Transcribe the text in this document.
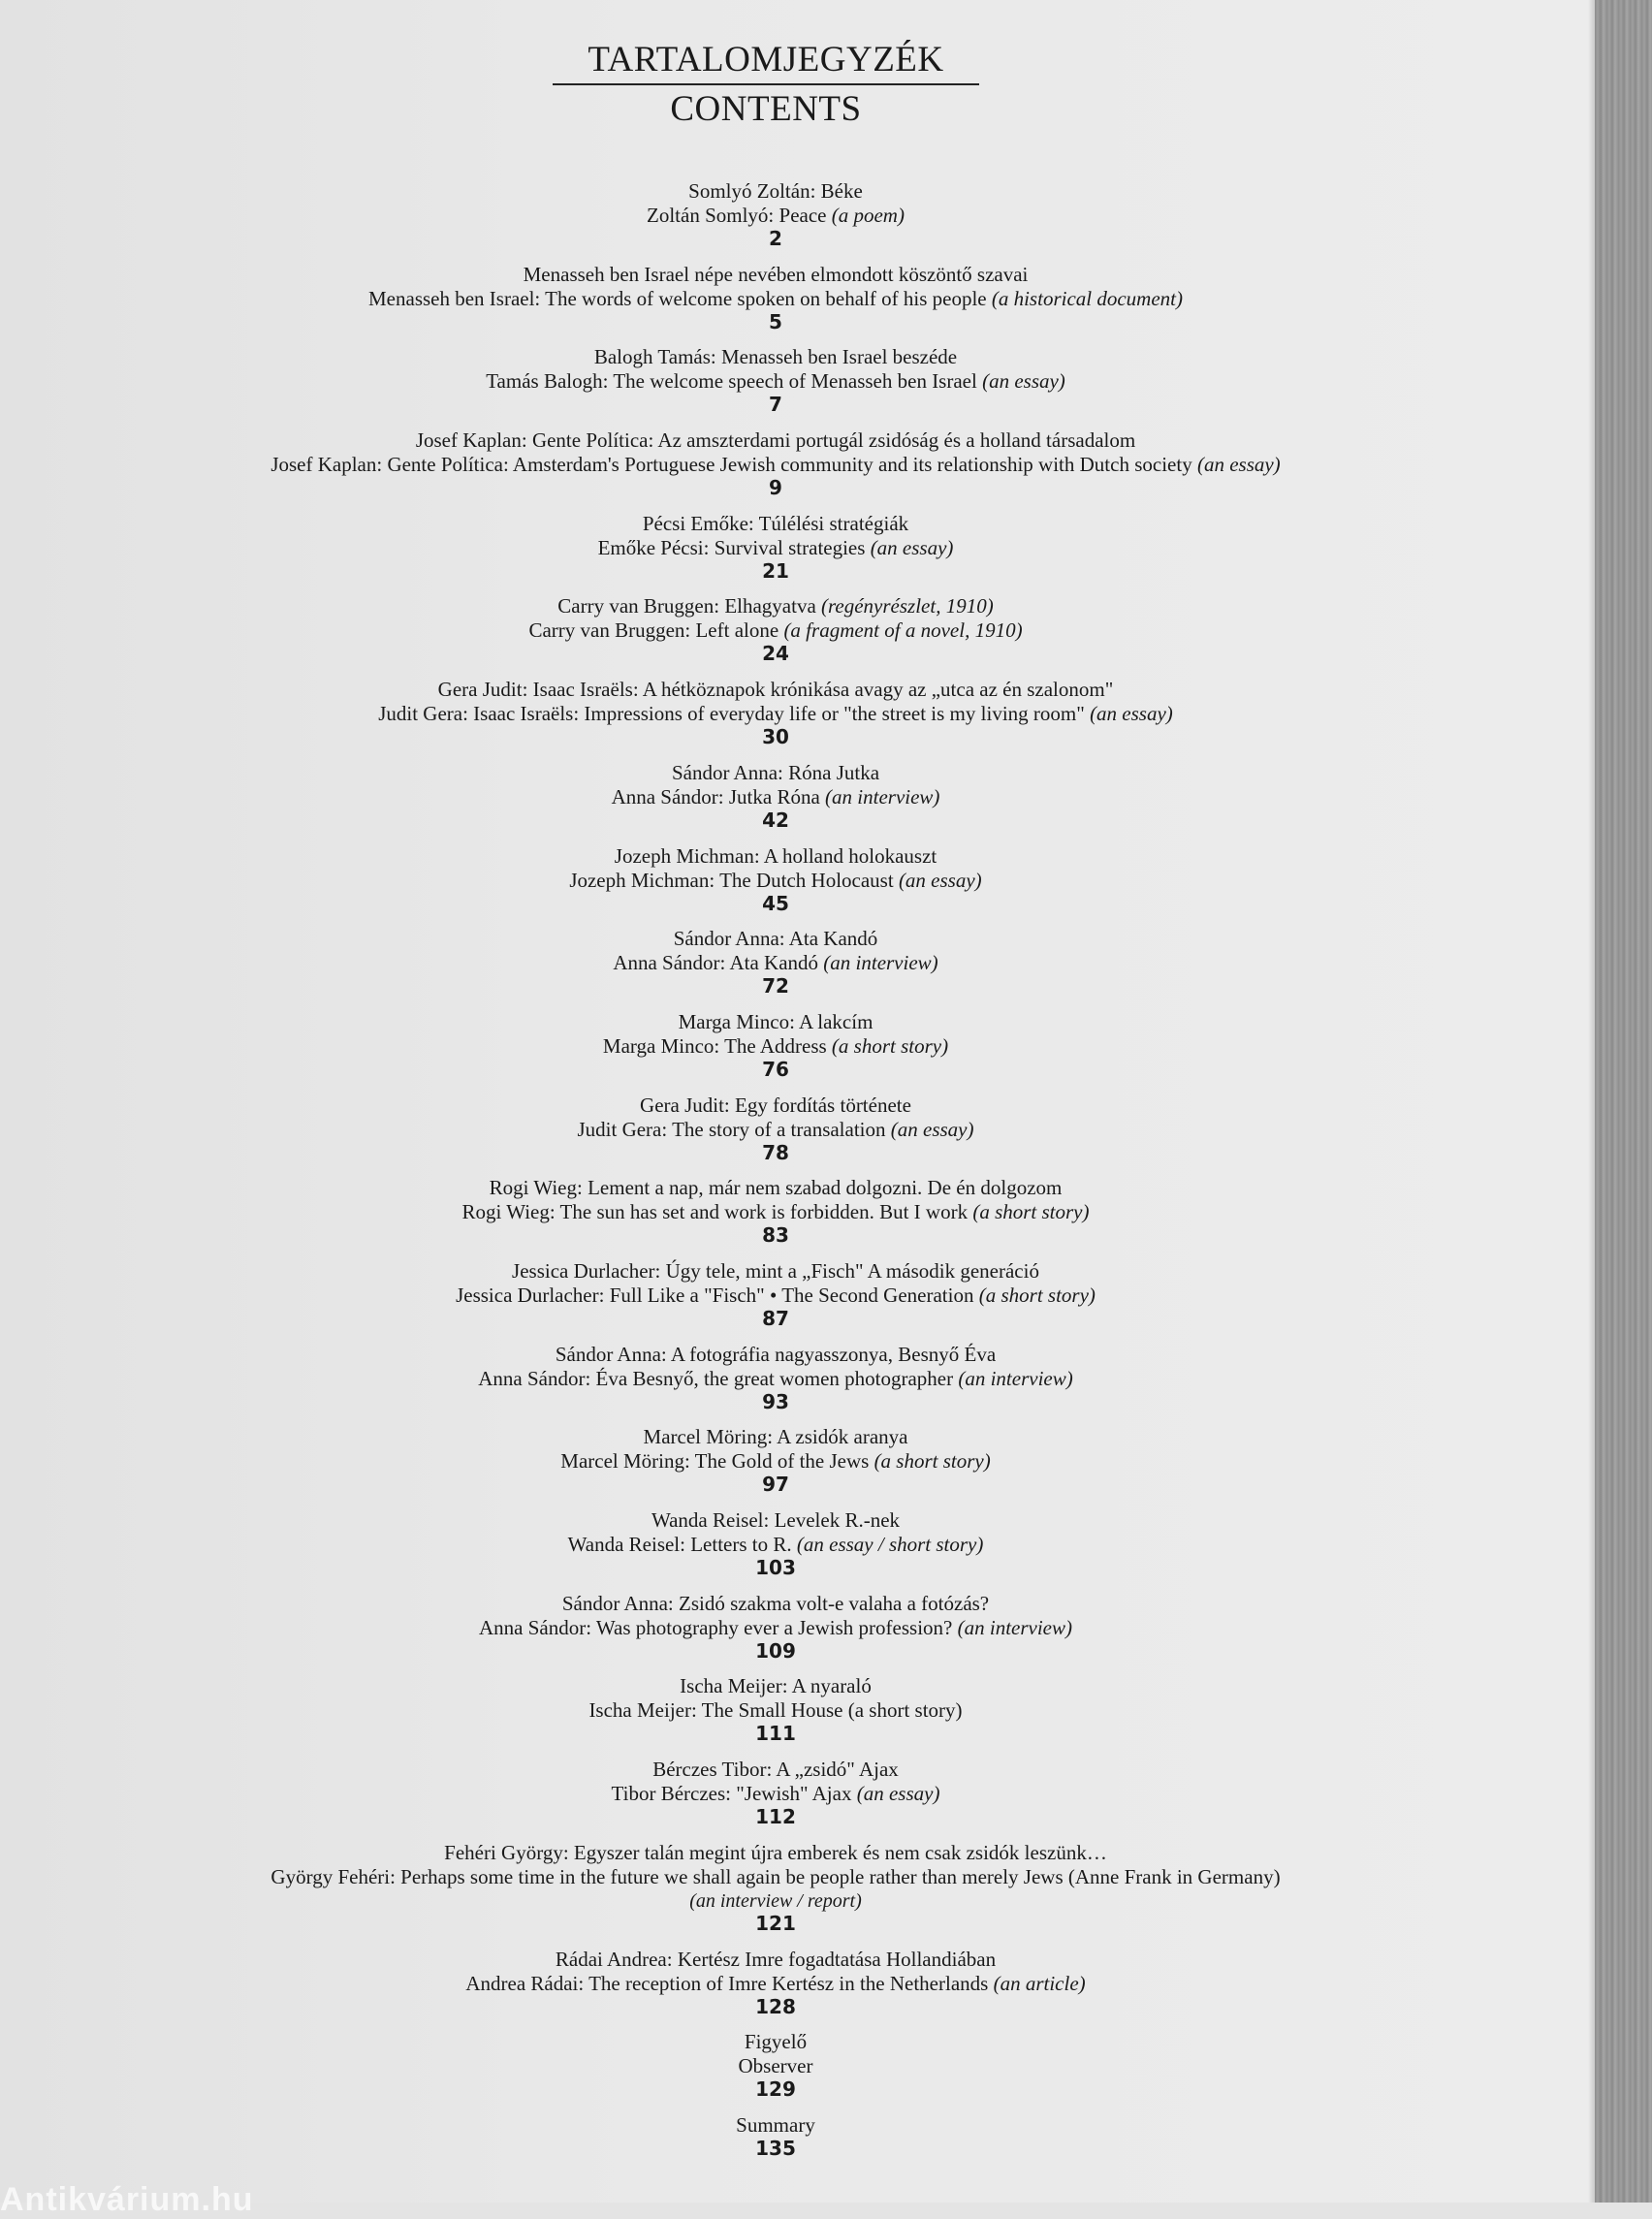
TARTALOMJEGYZÉK
CONTENTS
Somlyó Zoltán: Béke
Zoltán Somlyó: Peace (a poem)
2
Menasseh ben Israel népe nevében elmondott köszöntő szavai
Menasseh ben Israel: The words of welcome spoken on behalf of his people (a historical document)
5
Balogh Tamás: Menasseh ben Israel beszéde
Tamás Balogh: The welcome speech of Menasseh ben Israel (an essay)
7
Josef Kaplan: Gente Política: Az amszterdami portugál zsidóság és a holland társadalom
Josef Kaplan: Gente Política: Amsterdam's Portuguese Jewish community and its relationship with Dutch society (an essay)
9
Pécsi Emőke: Túlélési stratégiák
Emőke Pécsi: Survival strategies (an essay)
21
Carry van Bruggen: Elhagyatva (regényrészlet, 1910)
Carry van Bruggen: Left alone (a fragment of a novel, 1910)
24
Gera Judit: Isaac Israëls: A hétköznapok krónikása avagy az „utca az én szalonom"
Judit Gera: Isaac Israëls: Impressions of everyday life or "the street is my living room" (an essay)
30
Sándor Anna: Róna Jutka
Anna Sándor: Jutka Róna (an interview)
42
Jozeph Michman: A holland holokauszt
Jozeph Michman: The Dutch Holocaust (an essay)
45
Sándor Anna: Ata Kandó
Anna Sándor: Ata Kandó (an interview)
72
Marga Minco: A lakcím
Marga Minco: The Address (a short story)
76
Gera Judit: Egy fordítás története
Judit Gera: The story of a transalation (an essay)
78
Rogi Wieg: Lement a nap, már nem szabad dolgozni. De én dolgozom
Rogi Wieg: The sun has set and work is forbidden. But I work (a short story)
83
Jessica Durlacher: Úgy tele, mint a „Fisch" A második generáció
Jessica Durlacher: Full Like a "Fisch" • The Second Generation (a short story)
87
Sándor Anna: A fotográfia nagyasszonya, Besnyő Éva
Anna Sándor: Éva Besnyő, the great women photographer (an interview)
93
Marcel Möring: A zsidók aranya
Marcel Möring: The Gold of the Jews (a short story)
97
Wanda Reisel: Levelek R.-nek
Wanda Reisel: Letters to R. (an essay / short story)
103
Sándor Anna: Zsidó szakma volt-e valaha a fotózás?
Anna Sándor: Was photography ever a Jewish profession? (an interview)
109
Ischa Meijer: A nyaraló
Ischa Meijer: The Small House (a short story)
111
Bérczes Tibor: A „zsidó" Ajax
Tibor Bérczes: "Jewish" Ajax (an essay)
112
Fehéri György: Egyszer talán megint újra emberek és nem csak zsidók leszünk…
György Fehéri: Perhaps some time in the future we shall again be people rather than merely Jews (Anne Frank in Germany)
(an interview / report)
121
Rádai Andrea: Kertész Imre fogadtatása Hollandiában
Andrea Rádai: The reception of Imre Kertész in the Netherlands (an article)
128
Figyelő
Observer
129
Summary
135
Antikvárium.hu
